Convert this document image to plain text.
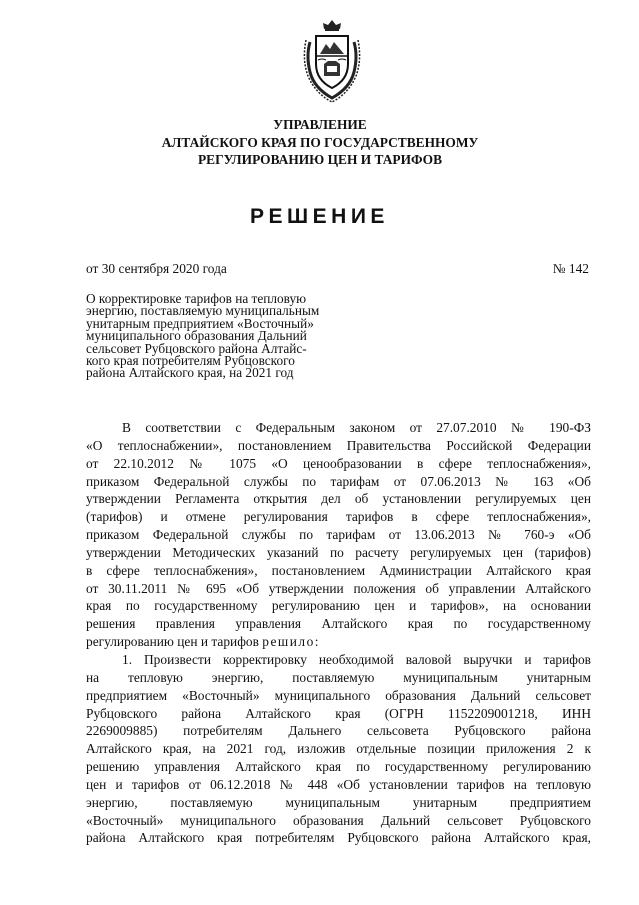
УПРАВЛЕНИЕ
АЛТАЙСКОГО КРАЯ ПО ГОСУДАРСТВЕННОМУ
РЕГУЛИРОВАНИЮ ЦЕН И ТАРИФОВ
РЕШЕНИЕ
от 30 сентября 2020 года	№ 142
О корректировке тарифов на тепловую
энергию, поставляемую муниципальным
унитарным предприятием «Восточный»
муниципального образования Дальний
сельсовет Рубцовского района Алтайс-
кого края потребителям Рубцовского
района Алтайского края, на 2021 год
В соответствии с Федеральным законом от 27.07.2010 № 190-ФЗ
«О теплоснабжении», постановлением Правительства Российской Федерации
от 22.10.2012 № 1075 «О ценообразовании в сфере теплоснабжения»,
приказом Федеральной службы по тарифам от 07.06.2013 № 163 «Об
утверждении Регламента открытия дел об установлении регулируемых цен
(тарифов) и отмене регулирования тарифов в сфере теплоснабжения»,
приказом Федеральной службы по тарифам от 13.06.2013 № 760-э «Об
утверждении Методических указаний по расчету регулируемых цен (тарифов)
в сфере теплоснабжения», постановлением Администрации Алтайского края
от 30.11.2011 № 695 «Об утверждении положения об управлении Алтайского
края по государственному регулированию цен и тарифов», на основании
решения правления управления Алтайского края по государственному
регулированию цен и тарифов решило:
1. Произвести корректировку необходимой валовой выручки и тарифов
на тепловую энергию, поставляемую муниципальным унитарным
предприятием «Восточный» муниципального образования Дальний сельсовет
Рубцовского района Алтайского края (ОГРН 1152209001218, ИНН
2269009885) потребителям Дальнего сельсовета Рубцовского района
Алтайского края, на 2021 год, изложив отдельные позиции приложения 2 к
решению управления Алтайского края по государственному регулированию
цен и тарифов от 06.12.2018 № 448 «Об установлении тарифов на тепловую
энергию, поставляемую муниципальным унитарным предприятием
«Восточный» муниципального образования Дальний сельсовет Рубцовского
района Алтайского края потребителям Рубцовского района Алтайского края,
